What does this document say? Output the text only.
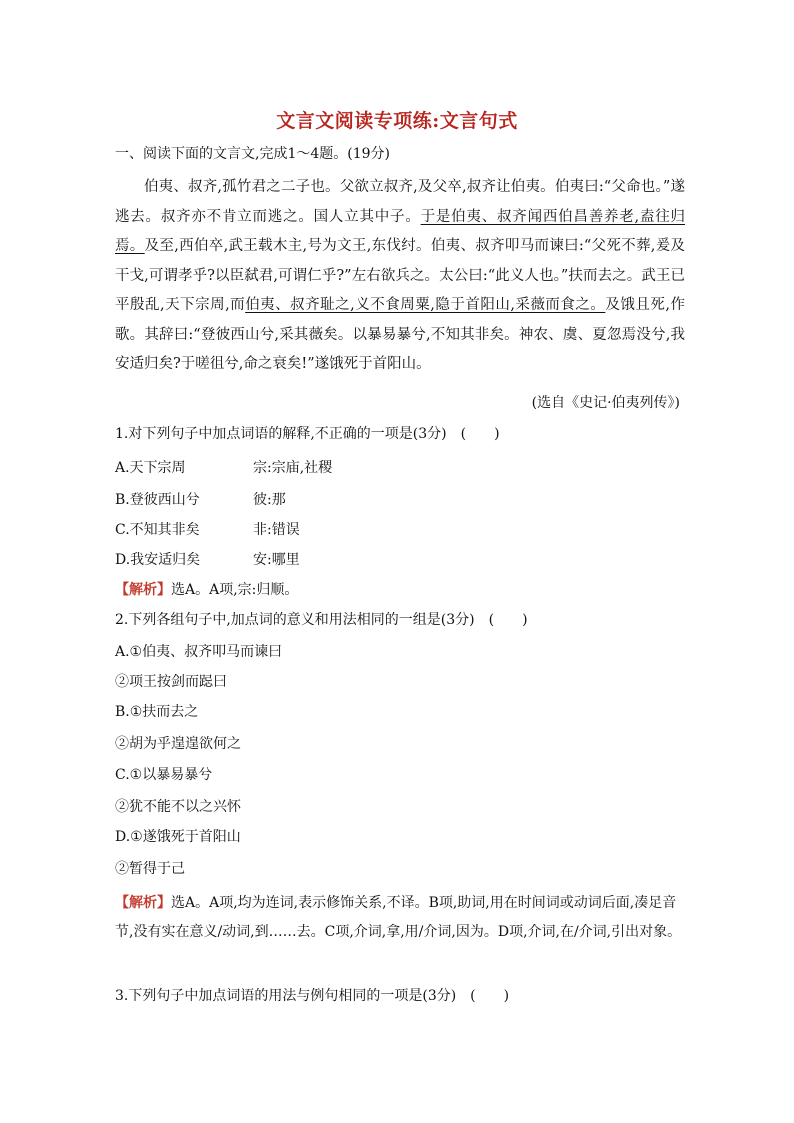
文言文阅读专项练:文言句式
一、阅读下面的文言文,完成1～4题。(19分)
伯夷、叔齐,孤竹君之二子也。父欲立叔齐,及父卒,叔齐让伯夷。伯夷曰:“父命也。”遂逃去。叔齐亦不肯立而逃之。国人立其中子。于是伯夷、叔齐闻西伯昌善养老,盍往归焉。及至,西伯卒,武王载木主,号为文王,东伐纣。伯夷、叔齐叩马而谏曰:“父死不葬,爰及干戈,可谓孝乎?以臣弑君,可谓仁乎?”左右欲兵之。太公曰:“此义人也。”扶而去之。武王已平殷乱,天下宗周,而伯夷、叔齐耻之,义不食周粟,隐于首阳山,采薇而食之。及饿且死,作歌。其辞曰:“登彼西山兮,采其薇矣。以暴易暴兮,不知其非矣。神农、虞、夏忽焉没兮,我安适归矣?于嗟徂兮,命之衰矣!”遂饿死于首阳山。
(选自《史记·伯夷列传》)
1.对下列句子中加点词语的解释,不正确的一项是(3分)　(　　)
A.天下宗周	宗:宗庙,社稷
B.登彼西山兮	彼:那
C.不知其非矣	非:错误
D.我安适归矣	安:哪里
【解析】选A。A项,宗:归顺。
2.下列各组句子中,加点词的意义和用法相同的一组是(3分)　(　　)
A.①伯夷、叔齐叩马而谏曰
②项王按剑而跽曰
B.①扶而去之
②胡为乎遑遑欲何之
C.①以暴易暴兮
②犹不能不以之兴怀
D.①遂饿死于首阳山
②暂得于己
【解析】选A。A项,均为连词,表示修饰关系,不译。B项,助词,用在时间词或动词后面,凑足音节,没有实在意义/动词,到……去。C项,介词,拿,用/介词,因为。D项,介词,在/介词,引出对象。
3.下列句子中加点词语的用法与例句相同的一项是(3分)　(　　)
